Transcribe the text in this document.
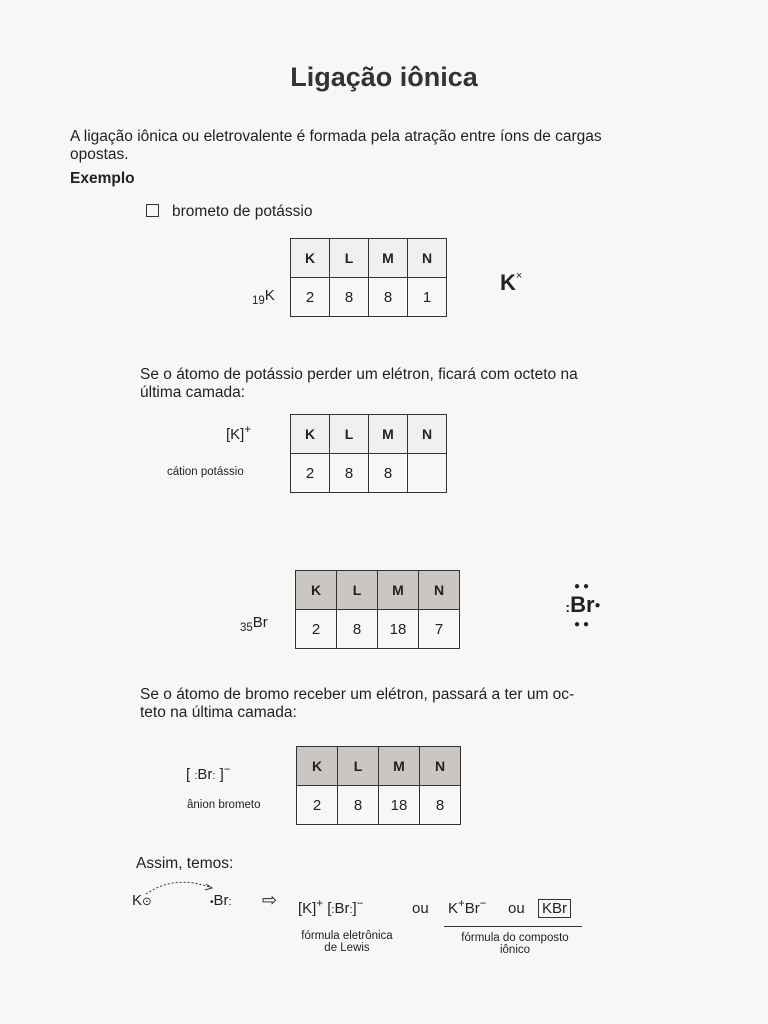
Ligação iônica
A ligação iônica ou eletrovalente é formada pela atração entre íons de cargas
opostas.
Exemplo
brometo de potássio
$_{19}$K
K	L	M	N
2	8	8	1
K×
Se o átomo de potássio perder um elétron, ficará com octeto na
última camada:
[K]+
cátion potássio
K	L	M	N
2	8	8	
$_{35}$Br
K	L	M	N
2	8	18	7
●●
:Br●
●●
Se o átomo de bromo receber um elétron, passará a ter um oc-
teto na última camada:
[ :Br: ]−
ânion brometo
K	L	M	N
2	8	18	8
Assim, temos:
K⊙	•Br: ⇨ [K]+ [:Br:]−	ou K+Br− ou KBr
fórmula eletrônica
de Lewis
fórmula do composto
iônico
